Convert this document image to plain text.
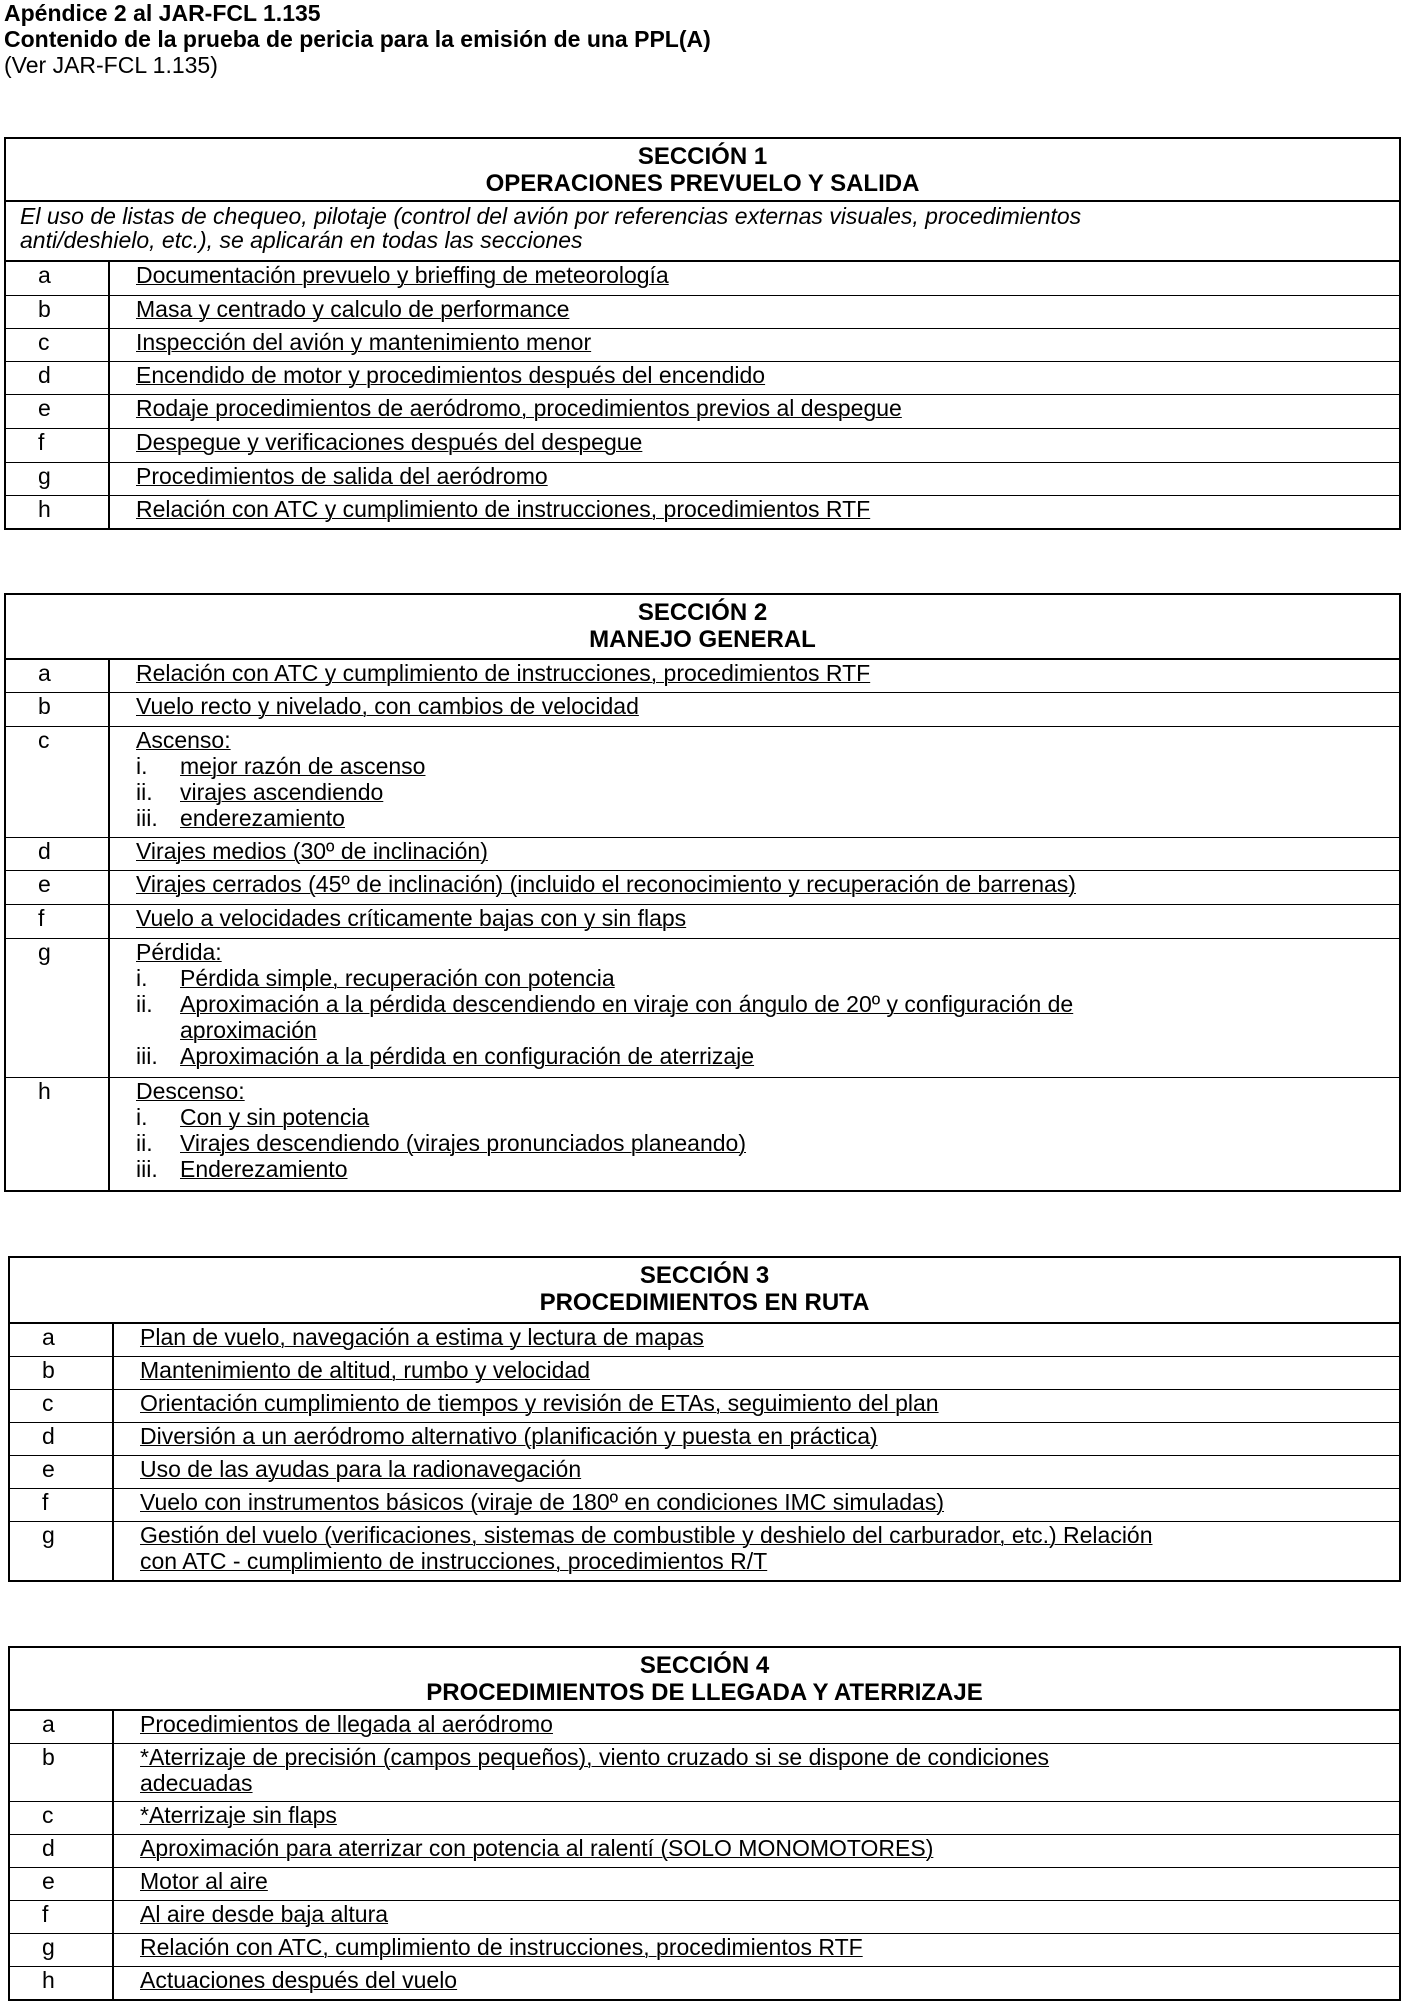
Apéndice 2 al JAR-FCL 1.135
Contenido de la prueba de pericia para la emisión de una PPL(A)
(Ver JAR-FCL 1.135)
SECCIÓN 1
OPERACIONES PREVUELO Y SALIDA
El uso de listas de chequeo, pilotaje (control del avión por referencias externas visuales, procedimientos
anti/deshielo, etc.), se aplicarán en todas las secciones
a	Documentación prevuelo y brieffing de meteorología
b	Masa y centrado y calculo de performance
c	Inspección del avión y mantenimiento menor
d	Encendido de motor y procedimientos después del encendido
e	Rodaje procedimientos de aeródromo, procedimientos previos al despegue
f	Despegue y verificaciones después del despegue
g	Procedimientos de salida del aeródromo
h	Relación con ATC y cumplimiento de instrucciones, procedimientos RTF
SECCIÓN 2
MANEJO GENERAL
a	Relación con ATC y cumplimiento de instrucciones, procedimientos RTF
b	Vuelo recto y nivelado, con cambios de velocidad
c	Ascenso:
i. mejor razón de ascenso
ii. virajes ascendiendo
iii. enderezamiento
d	Virajes medios (30º de inclinación)
e	Virajes cerrados (45º de inclinación) (incluido el reconocimiento y recuperación de barrenas)
f	Vuelo a velocidades críticamente bajas con y sin flaps
g	Pérdida:
i. Pérdida simple, recuperación con potencia
ii. Aproximación a la pérdida descendiendo en viraje con ángulo de 20º y configuración de
aproximación
iii. Aproximación a la pérdida en configuración de aterrizaje
h	Descenso:
i. Con y sin potencia
ii. Virajes descendiendo (virajes pronunciados planeando)
iii. Enderezamiento
SECCIÓN 3
PROCEDIMIENTOS EN RUTA
a	Plan de vuelo, navegación a estima y lectura de mapas
b	Mantenimiento de altitud, rumbo y velocidad
c	Orientación cumplimiento de tiempos y revisión de ETAs, seguimiento del plan
d	Diversión a un aeródromo alternativo (planificación y puesta en práctica)
e	Uso de las ayudas para la radionavegación
f	Vuelo con instrumentos básicos (viraje de 180º en condiciones IMC simuladas)
g	Gestión del vuelo (verificaciones, sistemas de combustible y deshielo del carburador, etc.) Relación
con ATC - cumplimiento de instrucciones, procedimientos R/T
SECCIÓN 4
PROCEDIMIENTOS DE LLEGADA Y ATERRIZAJE
a	Procedimientos de llegada al aeródromo
b	*Aterrizaje de precisión (campos pequeños), viento cruzado si se dispone de condiciones
adecuadas
c	*Aterrizaje sin flaps
d	Aproximación para aterrizar con potencia al ralentí (SOLO MONOMOTORES)
e	Motor al aire
f	Al aire desde baja altura
g	Relación con ATC, cumplimiento de instrucciones, procedimientos RTF
h	Actuaciones después del vuelo
